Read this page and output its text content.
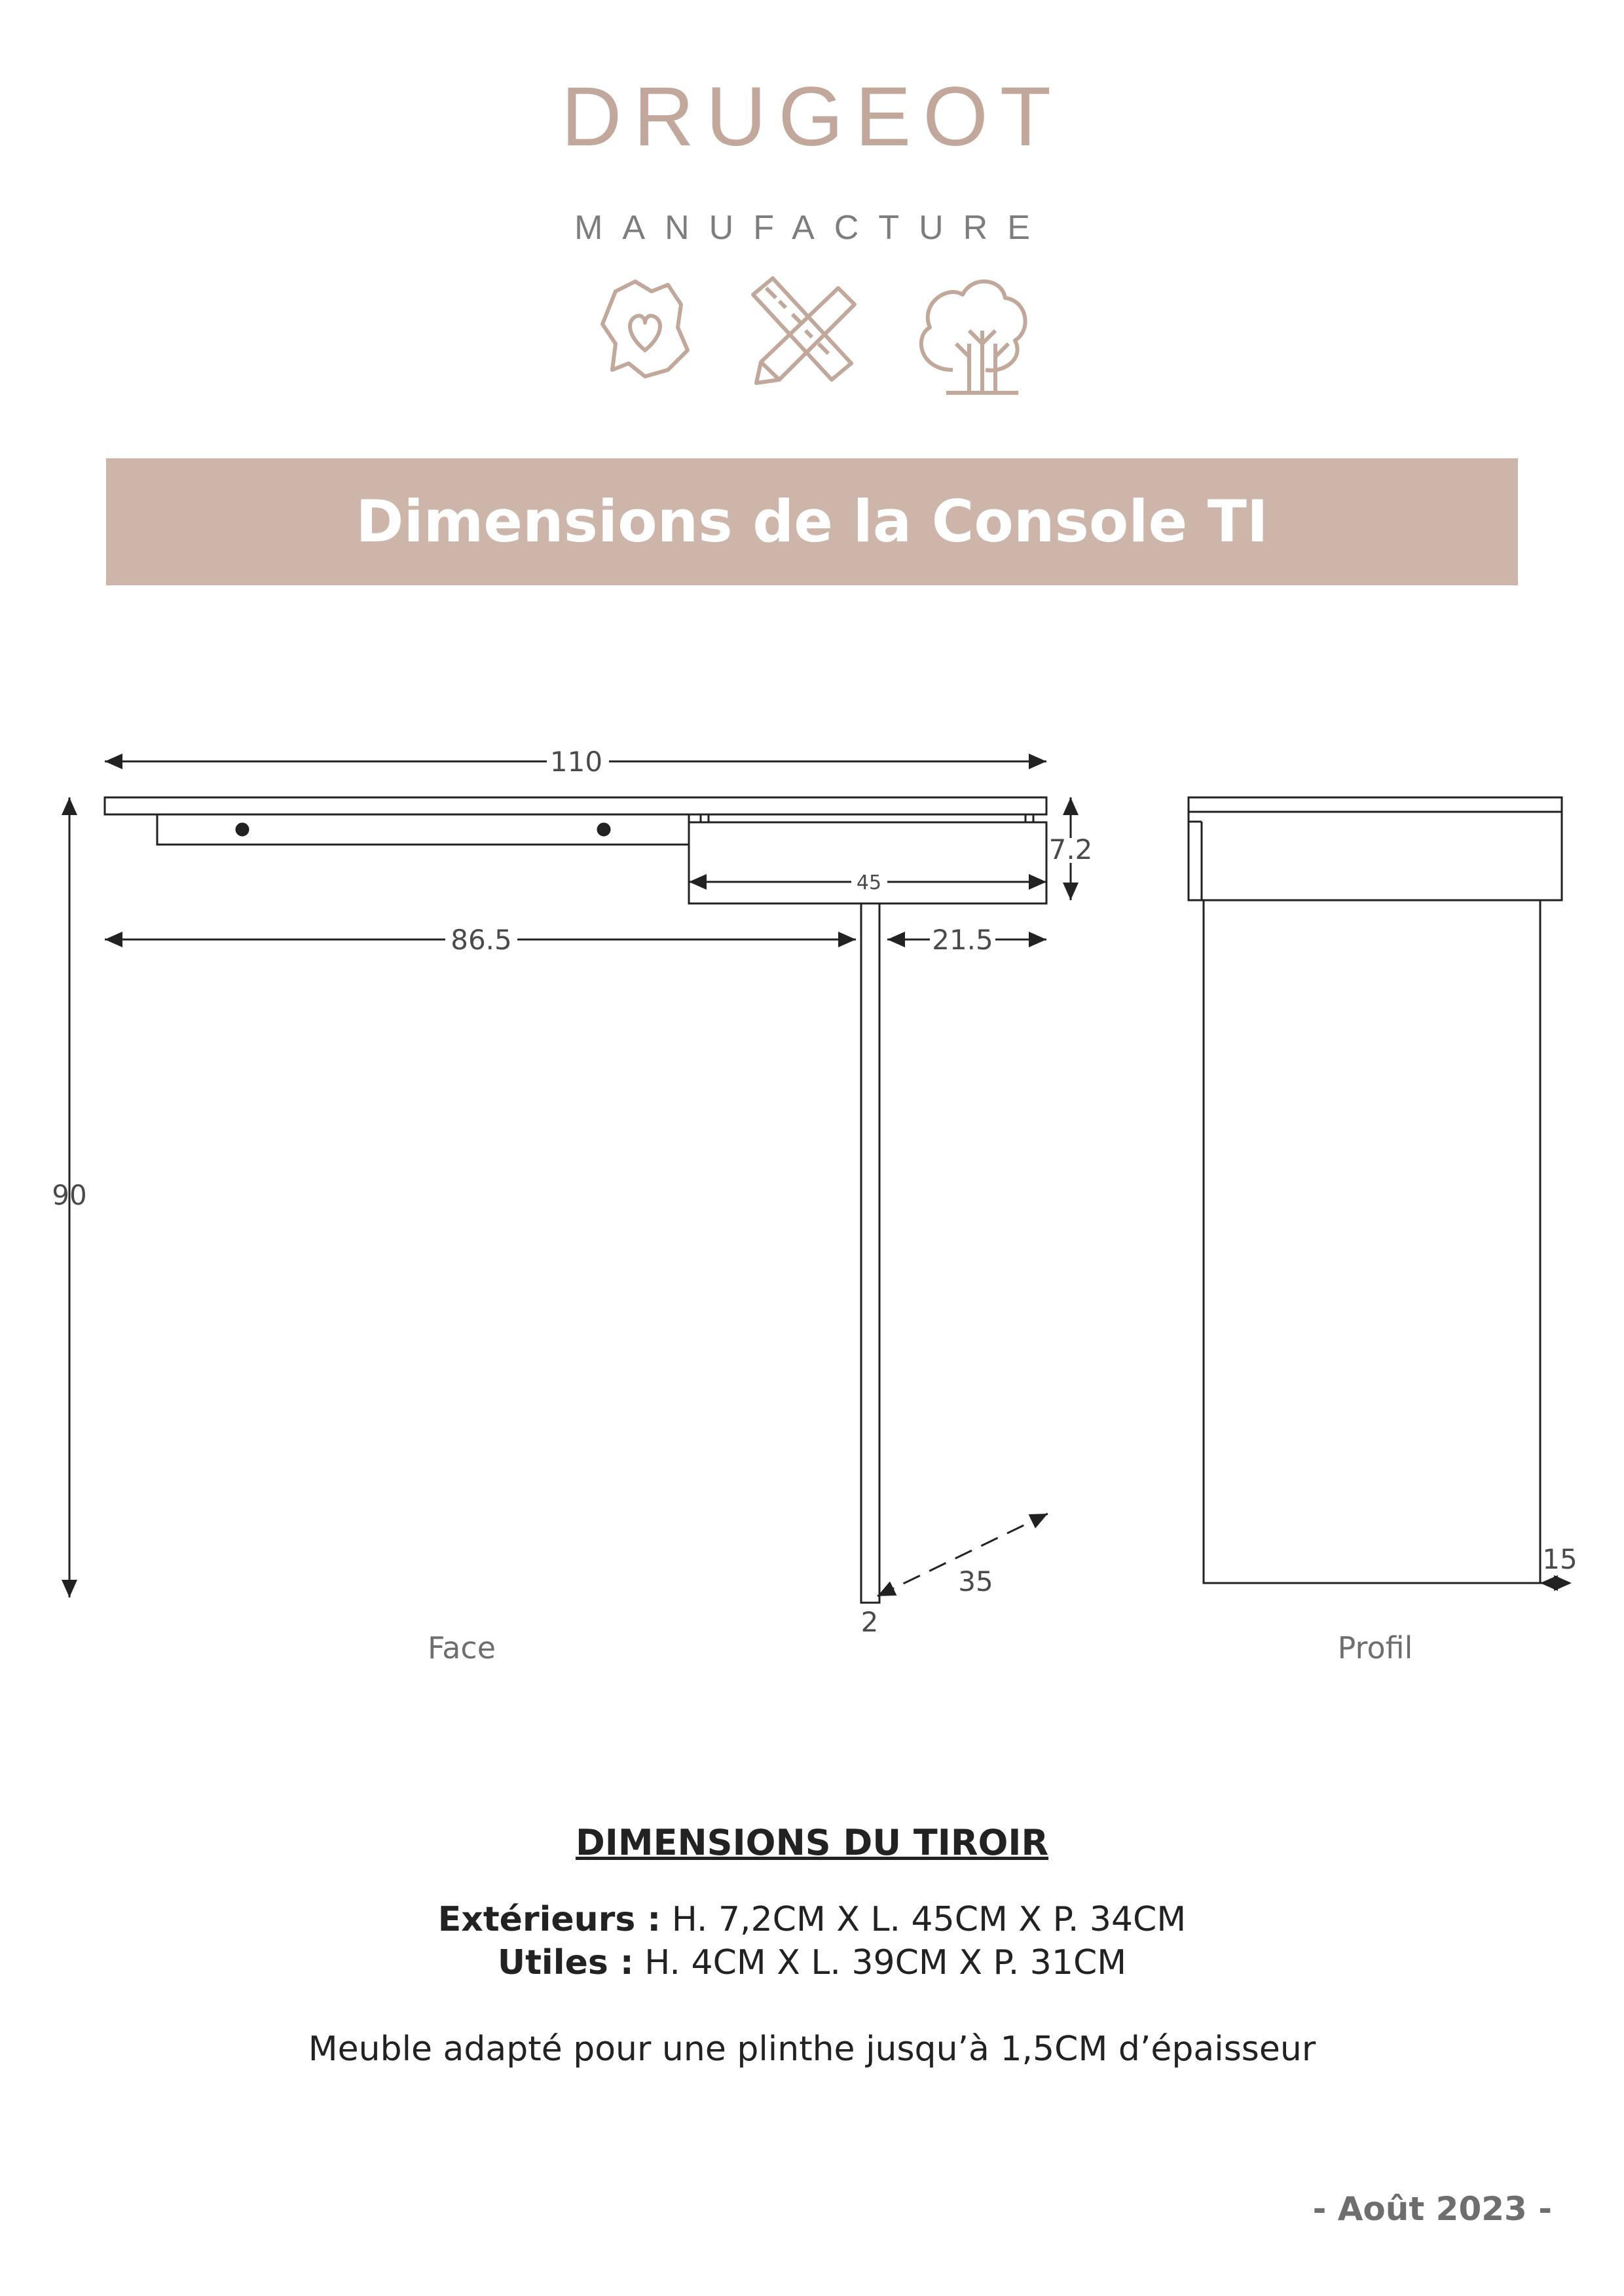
DRUGEOT
MANUFACTURE
Dimensions de la Console TI
110
90
7.2
45
86.5	21.5
35
2
15
Face	Profil
DIMENSIONS DU TIROIR
Extérieurs : H. 7,2CM X L. 45CM X P. 34CM
Utiles : H. 4CM X L. 39CM X P. 31CM
Meuble adapté pour une plinthe jusqu’à 1,5CM d’épaisseur
- Août 2023 -
